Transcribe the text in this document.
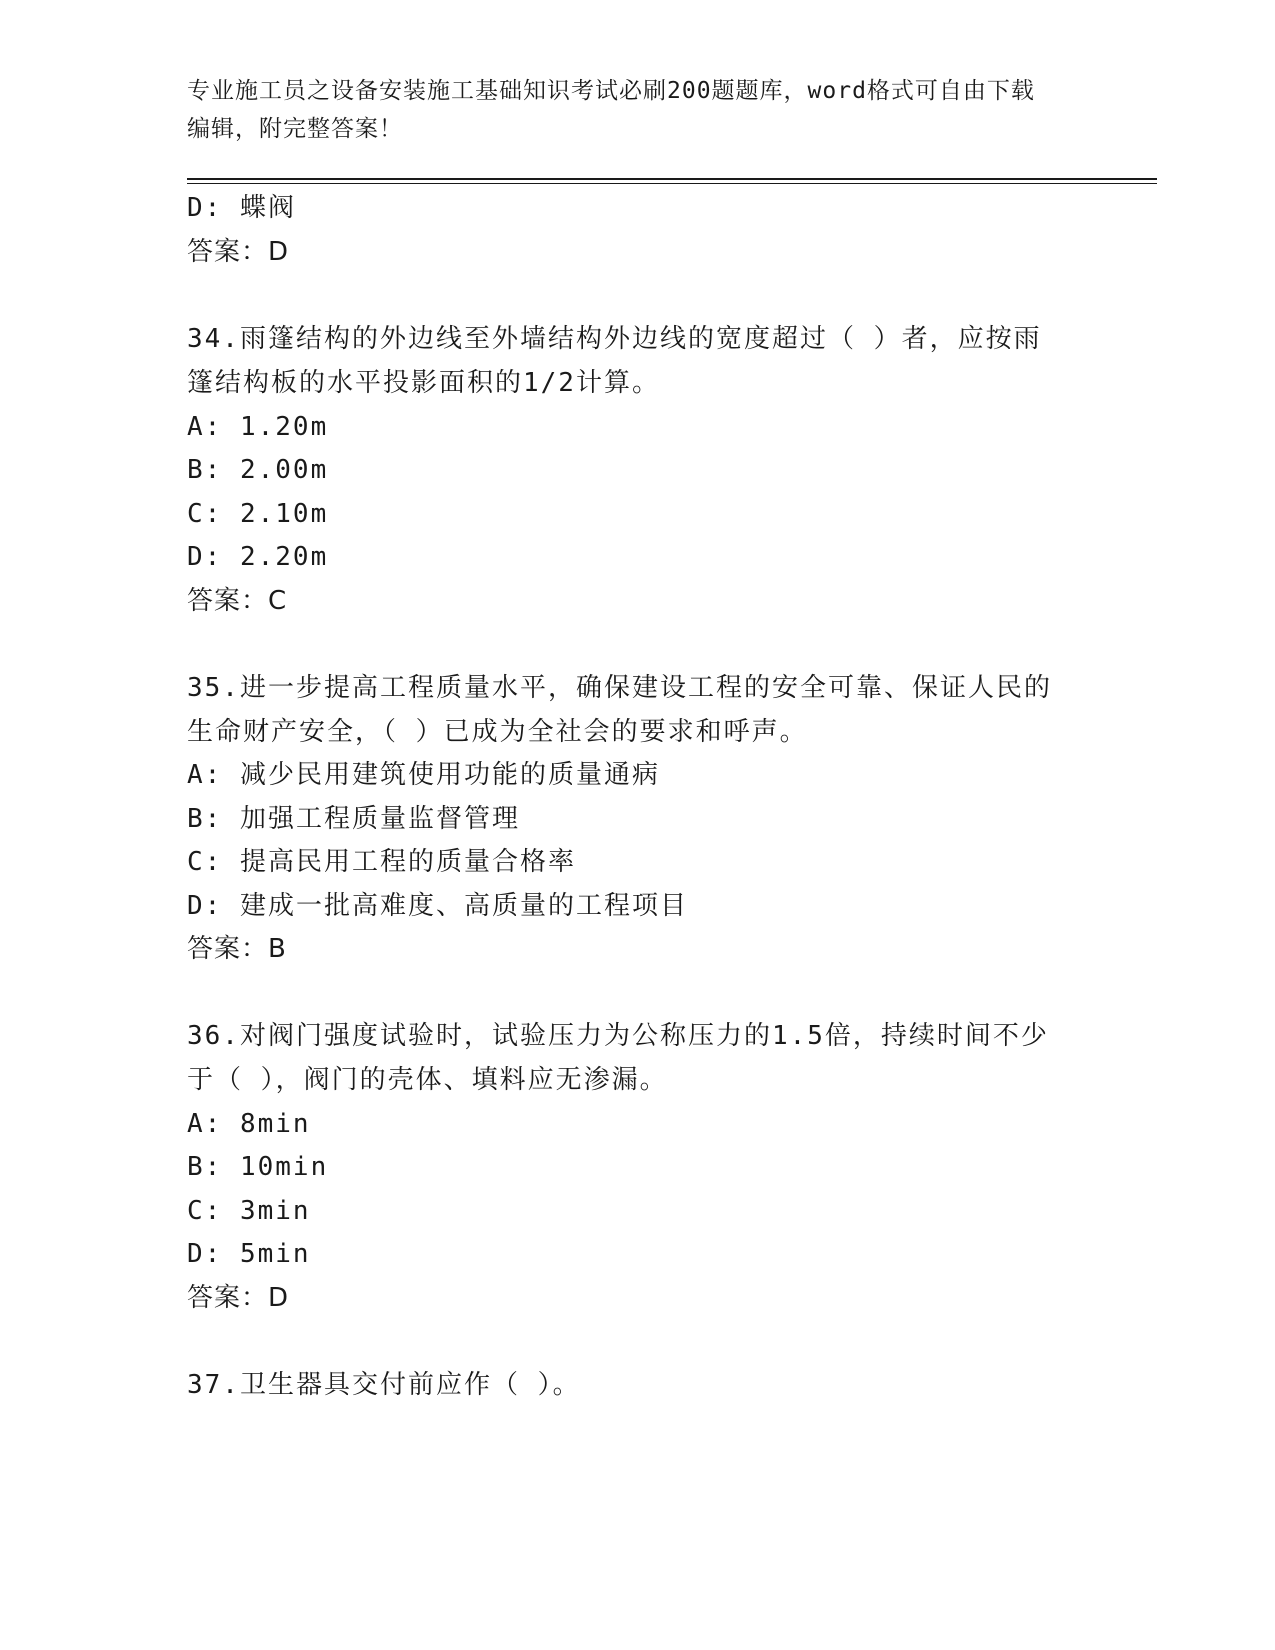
专业施工员之设备安装施工基础知识考试必刷200题题库，word格式可自由下载
编辑，附完整答案！
D: 蝶阀
答案：D
34.雨篷结构的外边线至外墙结构外边线的宽度超过（ ）者，应按雨
篷结构板的水平投影面积的1/2计算。
A: 1.20m
B: 2.00m
C: 2.10m
D: 2.20m
答案：C
35.进一步提高工程质量水平，确保建设工程的安全可靠、保证人民的
生命财产安全，（ ）已成为全社会的要求和呼声。
A: 减少民用建筑使用功能的质量通病
B: 加强工程质量监督管理
C: 提高民用工程的质量合格率
D: 建成一批高难度、高质量的工程项目
答案：B
36.对阀门强度试验时，试验压力为公称压力的1.5倍，持续时间不少
于（ ），阀门的壳体、填料应无渗漏。
A: 8min
B: 10min
C: 3min
D: 5min
答案：D
37.卫生器具交付前应作（ ）。
